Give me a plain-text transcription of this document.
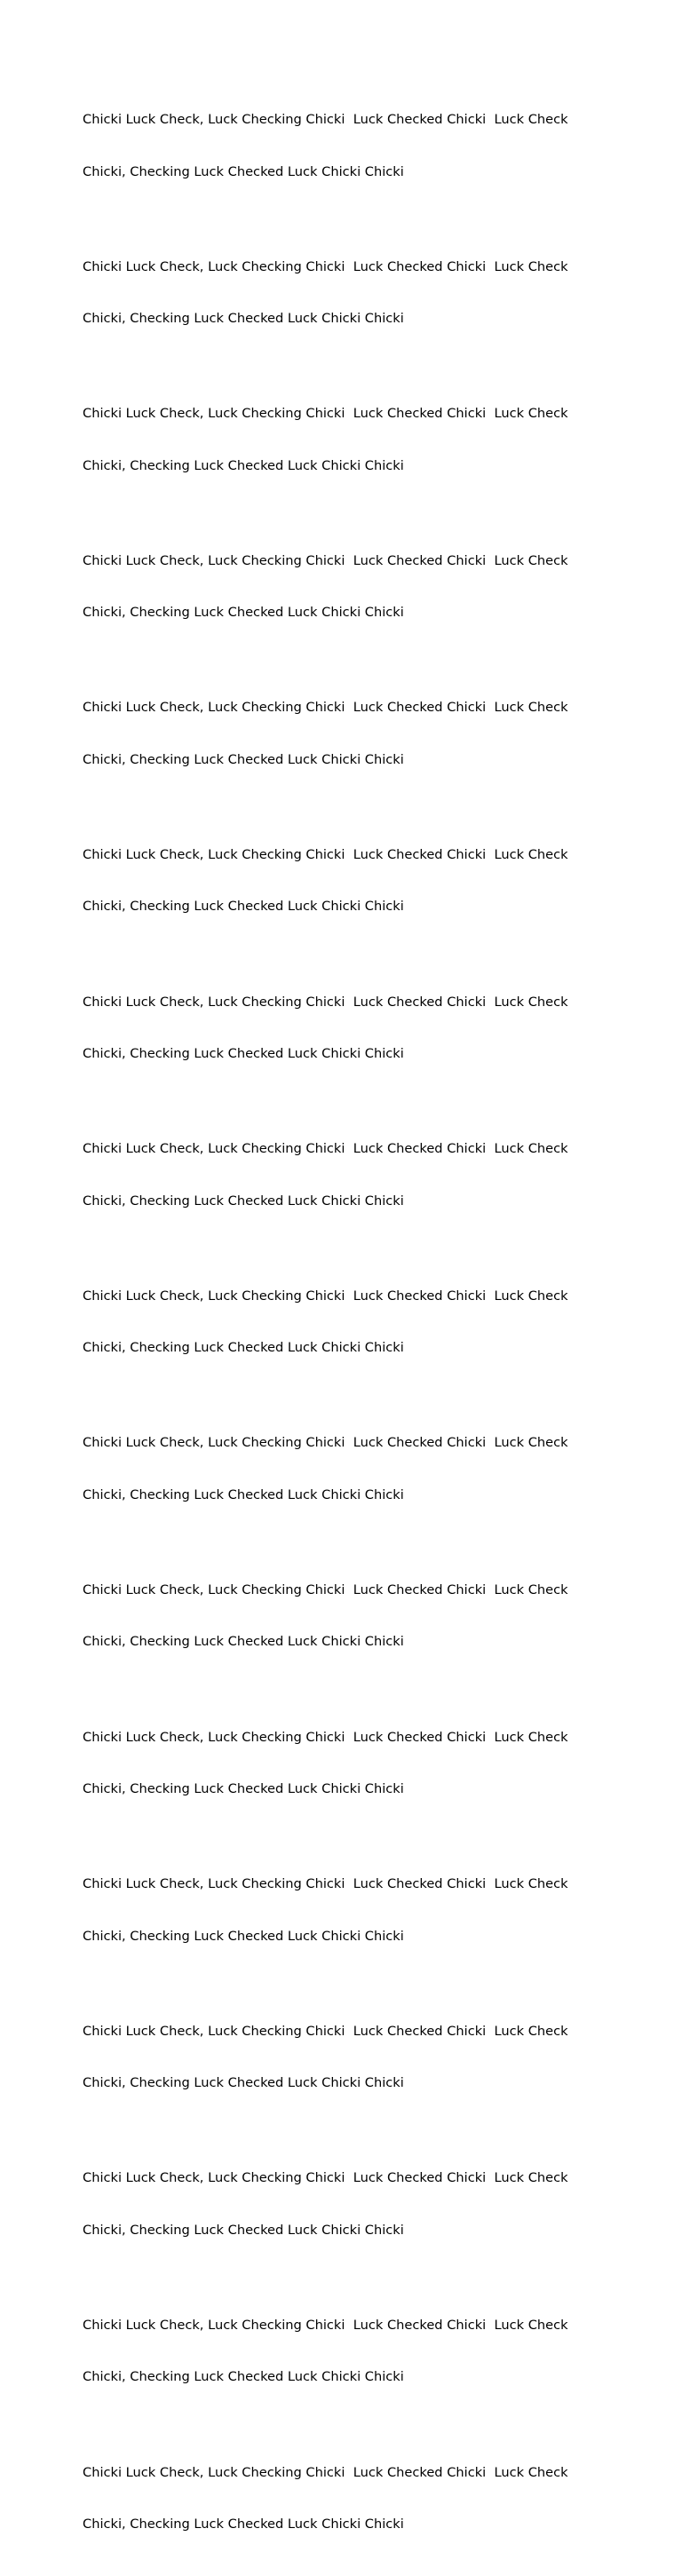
Chicki Luck Check, Luck Checking Chicki  Luck Checked Chicki  Luck Check

Chicki, Checking Luck Checked Luck Chicki Chicki

Chicki Luck Check, Luck Checking Chicki  Luck Checked Chicki  Luck Check

Chicki, Checking Luck Checked Luck Chicki Chicki

Chicki Luck Check, Luck Checking Chicki  Luck Checked Chicki  Luck Check

Chicki, Checking Luck Checked Luck Chicki Chicki

Chicki Luck Check, Luck Checking Chicki  Luck Checked Chicki  Luck Check

Chicki, Checking Luck Checked Luck Chicki Chicki

Chicki Luck Check, Luck Checking Chicki  Luck Checked Chicki  Luck Check

Chicki, Checking Luck Checked Luck Chicki Chicki

Chicki Luck Check, Luck Checking Chicki  Luck Checked Chicki  Luck Check

Chicki, Checking Luck Checked Luck Chicki Chicki

Chicki Luck Check, Luck Checking Chicki  Luck Checked Chicki  Luck Check

Chicki, Checking Luck Checked Luck Chicki Chicki

Chicki Luck Check, Luck Checking Chicki  Luck Checked Chicki  Luck Check

Chicki, Checking Luck Checked Luck Chicki Chicki

Chicki Luck Check, Luck Checking Chicki  Luck Checked Chicki  Luck Check

Chicki, Checking Luck Checked Luck Chicki Chicki

Chicki Luck Check, Luck Checking Chicki  Luck Checked Chicki  Luck Check

Chicki, Checking Luck Checked Luck Chicki Chicki

Chicki Luck Check, Luck Checking Chicki  Luck Checked Chicki  Luck Check

Chicki, Checking Luck Checked Luck Chicki Chicki

Chicki Luck Check, Luck Checking Chicki  Luck Checked Chicki  Luck Check

Chicki, Checking Luck Checked Luck Chicki Chicki

Chicki Luck Check, Luck Checking Chicki  Luck Checked Chicki  Luck Check

Chicki, Checking Luck Checked Luck Chicki Chicki

Chicki Luck Check, Luck Checking Chicki  Luck Checked Chicki  Luck Check

Chicki, Checking Luck Checked Luck Chicki Chicki

Chicki Luck Check, Luck Checking Chicki  Luck Checked Chicki  Luck Check

Chicki, Checking Luck Checked Luck Chicki Chicki

Chicki Luck Check, Luck Checking Chicki  Luck Checked Chicki  Luck Check

Chicki, Checking Luck Checked Luck Chicki Chicki

Chicki Luck Check, Luck Checking Chicki  Luck Checked Chicki  Luck Check

Chicki, Checking Luck Checked Luck Chicki Chicki
